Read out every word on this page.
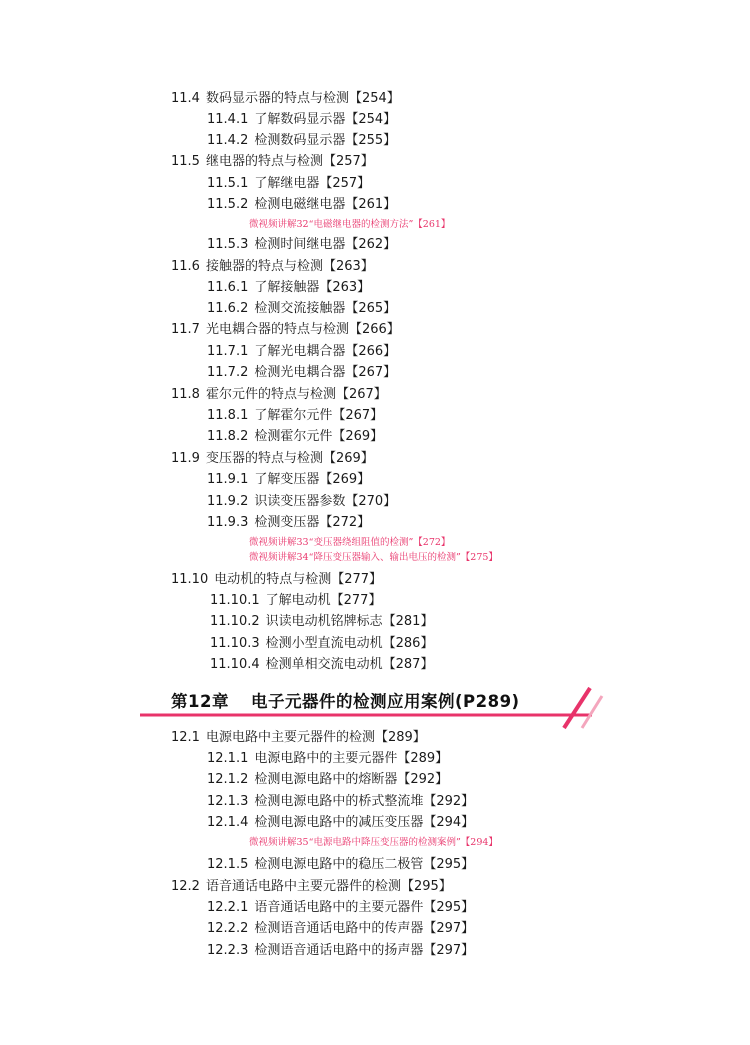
11.4 数码显示器的特点与检测【254】
11.4.1 了解数码显示器【254】
11.4.2 检测数码显示器【255】
11.5 继电器的特点与检测【257】
11.5.1 了解继电器【257】
11.5.2 检测电磁继电器【261】
微视频讲解32“电磁继电器的检测方法”【261】
11.5.3 检测时间继电器【262】
11.6 接触器的特点与检测【263】
11.6.1 了解接触器【263】
11.6.2 检测交流接触器【265】
11.7 光电耦合器的特点与检测【266】
11.7.1 了解光电耦合器【266】
11.7.2 检测光电耦合器【267】
11.8 霍尔元件的特点与检测【267】
11.8.1 了解霍尔元件【267】
11.8.2 检测霍尔元件【269】
11.9 变压器的特点与检测【269】
11.9.1 了解变压器【269】
11.9.2 识读变压器参数【270】
11.9.3 检测变压器【272】
微视频讲解33“变压器绕组阻值的检测”【272】
微视频讲解34“降压变压器输入、输出电压的检测”【275】
11.10 电动机的特点与检测【277】
11.10.1 了解电动机【277】
11.10.2 识读电动机铭牌标志【281】
11.10.3 检测小型直流电动机【286】
11.10.4 检测单相交流电动机【287】
第12章 电子元器件的检测应用案例(P289)
12.1 电源电路中主要元器件的检测【289】
12.1.1 电源电路中的主要元器件【289】
12.1.2 检测电源电路中的熔断器【292】
12.1.3 检测电源电路中的桥式整流堆【292】
12.1.4 检测电源电路中的减压变压器【294】
微视频讲解35“电源电路中降压变压器的检测案例”【294】
12.1.5 检测电源电路中的稳压二极管【295】
12.2 语音通话电路中主要元器件的检测【295】
12.2.1 语音通话电路中的主要元器件【295】
12.2.2 检测语音通话电路中的传声器【297】
12.2.3 检测语音通话电路中的扬声器【297】
